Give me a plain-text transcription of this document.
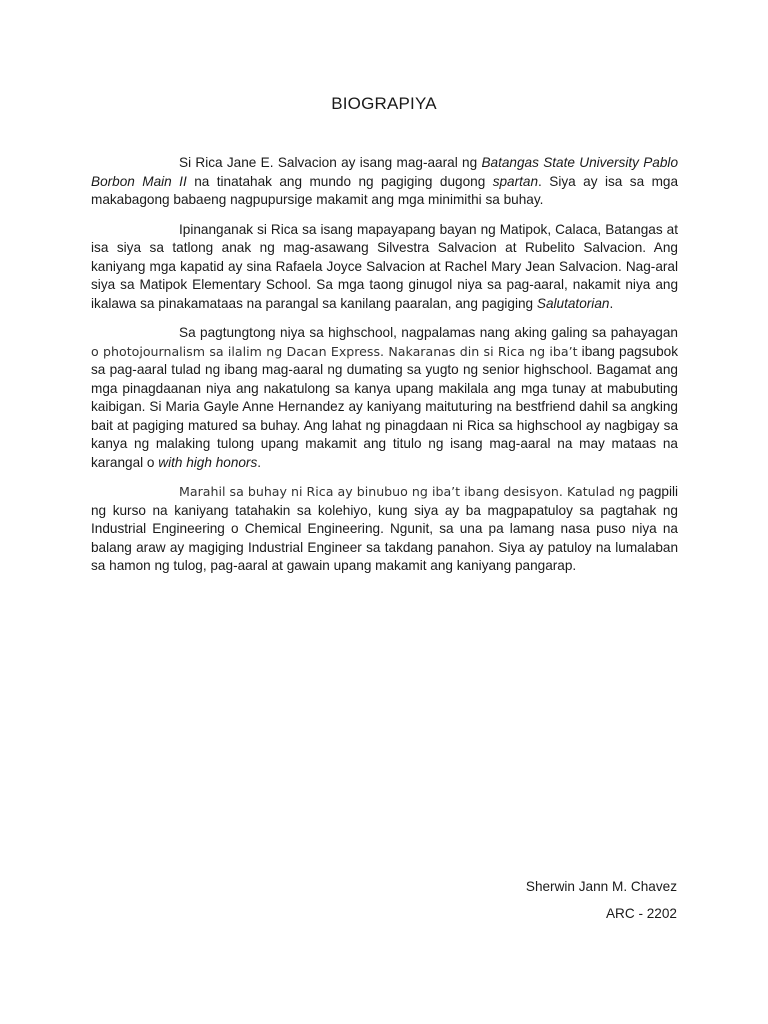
BIOGRAPIYA

Si Rica Jane E. Salvacion ay isang mag-aaral ng Batangas State University Pablo Borbon Main II na tinatahak ang mundo ng pagiging dugong spartan. Siya ay isa sa mga makabagong babaeng nagpupursige makamit ang mga minimithi sa buhay.

Ipinanganak si Rica sa isang mapayapang bayan ng Matipok, Calaca, Batangas at isa siya sa tatlong anak ng mag-asawang Silvestra Salvacion at Rubelito Salvacion. Ang kaniyang mga kapatid ay sina Rafaela Joyce Salvacion at Rachel Mary Jean Salvacion. Nag-aral siya sa Matipok Elementary School. Sa mga taong ginugol niya sa pag-aaral, nakamit niya ang ikalawa sa pinakamataas na parangal sa kanilang paaralan, ang pagiging Salutatorian.

Sa pagtungtong niya sa highschool, nagpalamas nang aking galing sa pahayagan o photojournalism sa ilalim ng Dacan Express. Nakaranas din si Rica ng iba’t ibang pagsubok sa pag-aaral tulad ng ibang mag-aaral ng dumating sa yugto ng senior highschool. Bagamat ang mga pinagdaanan niya ang nakatulong sa kanya upang makilala ang mga tunay at mabubuting kaibigan. Si Maria Gayle Anne Hernandez ay kaniyang maituturing na bestfriend dahil sa angking bait at pagiging matured sa buhay. Ang lahat ng pinagdaan ni Rica sa highschool ay nagbigay sa kanya ng malaking tulong upang makamit ang titulo ng isang mag-aaral na may mataas na karangal o with high honors.

Marahil sa buhay ni Rica ay binubuo ng iba’t ibang desisyon. Katulad ng pagpili ng kurso na kaniyang tatahakin sa kolehiyo, kung siya ay ba magpapatuloy sa pagtahak ng Industrial Engineering o Chemical Engineering. Ngunit, sa una pa lamang nasa puso niya na balang araw ay magiging Industrial Engineer sa takdang panahon. Siya ay patuloy na lumalaban sa hamon ng tulog, pag-aaral at gawain upang makamit ang kaniyang pangarap.

Sherwin Jann M. Chavez
ARC - 2202
